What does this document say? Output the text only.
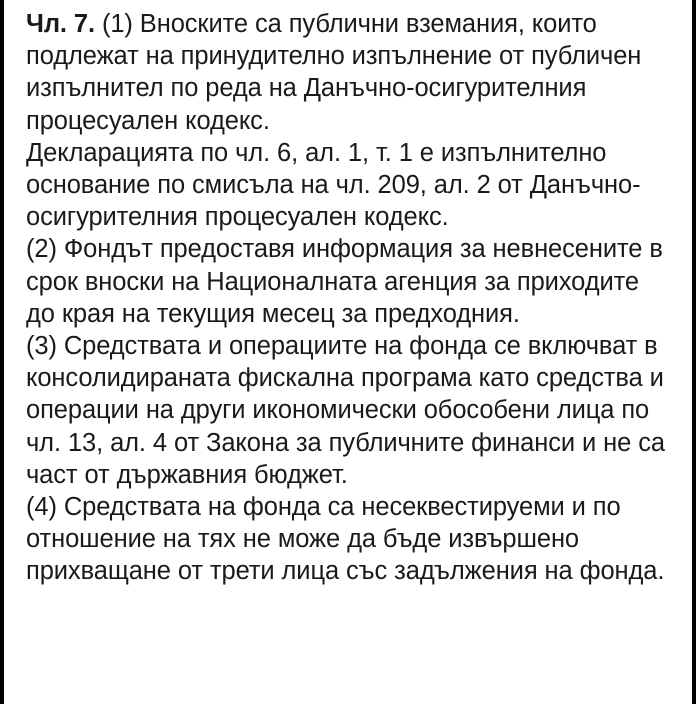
Чл. 7. (1) Вноските са публични вземания, които подлежат на принудително изпълнение от публичен изпълнител по реда на Данъчно-осигурителния процесуален кодекс.

Декларацията по чл. 6, ал. 1, т. 1 е изпълнително основание по смисъла на чл. 209, ал. 2 от Данъчно-осигурителния процесуален кодекс.

(2) Фондът предоставя информация за невнесените в срок вноски на Националната агенция за приходите до края на текущия месец за предходния.

(3) Средствата и операциите на фонда се включват в консолидираната фискална програма като средства и операции на други икономически обособени лица по чл. 13, ал. 4 от Закона за публичните финанси и не са част от държавния бюджет.

(4) Средствата на фонда са несеквестируеми и по отношение на тях не може да бъде извършено прихващане от трети лица със задължения на фонда.
